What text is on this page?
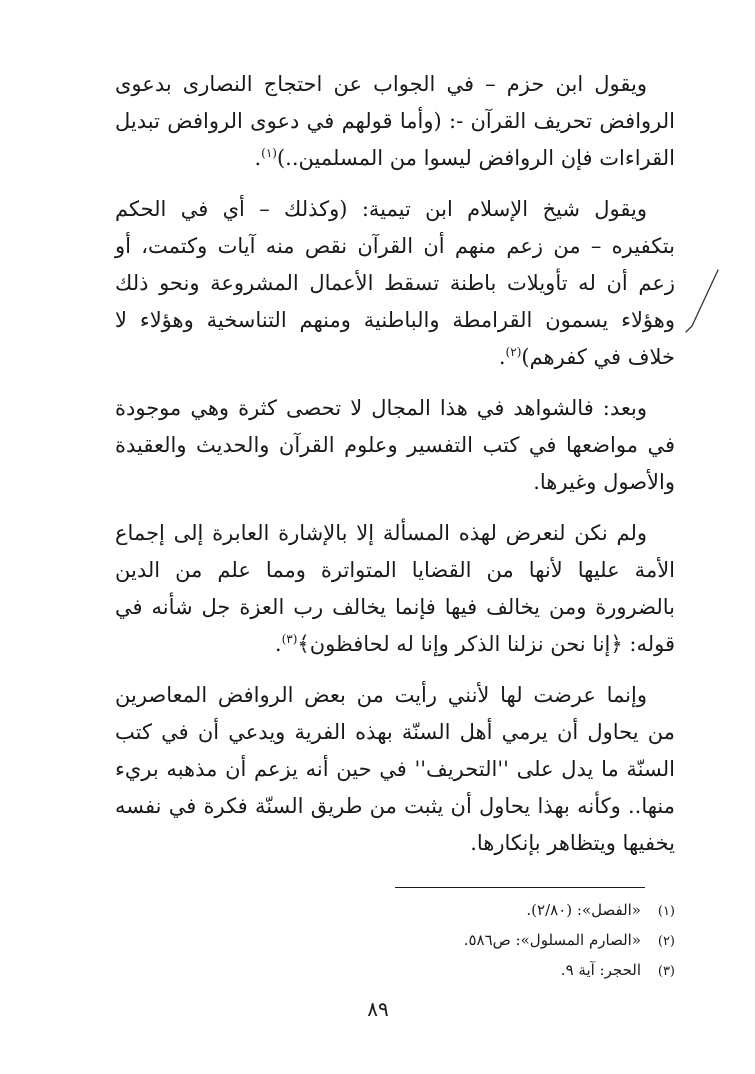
ويقول ابن حزم – في الجواب عن احتجاج النصارى بدعوى الروافض تحريف القرآن -: (وأما قولهم في دعوى الروافض تبديل القراءات فإن الروافض ليسوا من المسلمين..)$^{(١)}$.

ويقول شيخ الإسلام ابن تيمية: (وكذلك – أي في الحكم بتكفيره – من زعم منهم أن القرآن نقص منه آيات وكتمت، أو زعم أن له تأويلات باطنة تسقط الأعمال المشروعة ونحو ذلك وهؤلاء يسمون القرامطة والباطنية ومنهم التناسخية وهؤلاء لا خلاف في كفرهم)$^{(٢)}$.

وبعد: فالشواهد في هذا المجال لا تحصى كثرة وهي موجودة في مواضعها في كتب التفسير وعلوم القرآن والحديث والعقيدة والأصول وغيرها.

ولم نكن لنعرض لهذه المسألة إلا بالإشارة العابرة إلى إجماع الأمة عليها لأنها من القضايا المتواترة ومما علم من الدين بالضرورة ومن يخالف فيها فإنما يخالف رب العزة جل شأنه في قوله: ﴿إنا نحن نزلنا الذكر وإنا له لحافظون﴾$^{(٣)}$.

وإنما عرضت لها لأنني رأيت من بعض الروافض المعاصرين من يحاول أن يرمي أهل السنّة بهذه الفرية ويدعي أن في كتب السنّة ما يدل على ''التحريف'' في حين أنه يزعم أن مذهبه بريء منها.. وكأنه بهذا يحاول أن يثبت من طريق السنّة فكرة في نفسه يخفيها ويتظاهر بإنكارها.

(١)«الفصل»: (٢/٨٠).
(٢)«الصارم المسلول»: ص٥٨٦.
(٣)الحجر: آية ٩.
٨٩
